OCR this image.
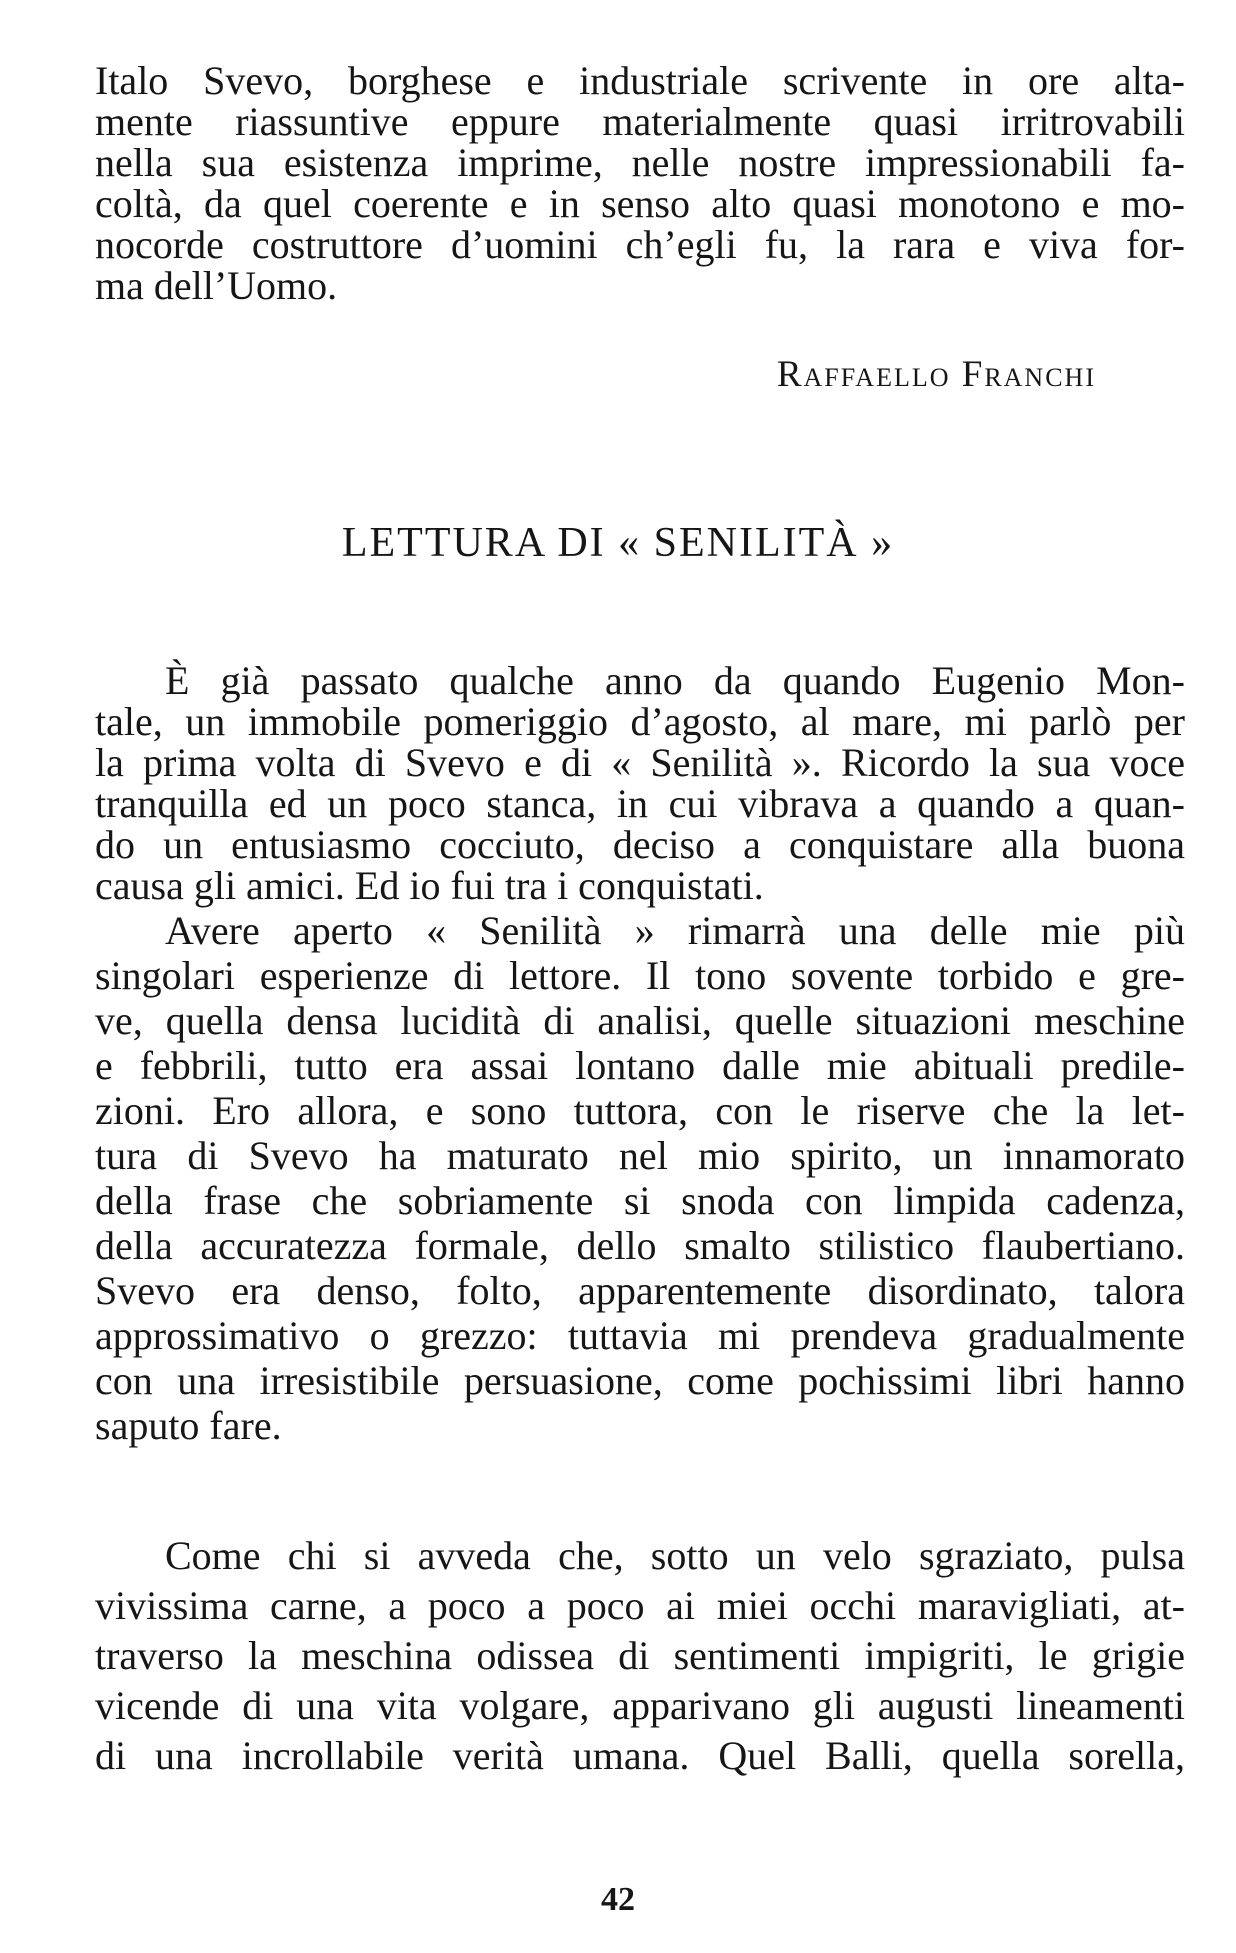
Italo Svevo, borghese e industriale scrivente in ore alta-
mente riassuntive eppure materialmente quasi irritrovabili
nella sua esistenza imprime, nelle nostre impressionabili fa-
coltà, da quel coerente e in senso alto quasi monotono e mo-
nocorde costruttore d’uomini ch’egli fu, la rara e viva for-
ma dell’Uomo.
Raffaello Franchi
LETTURA DI « SENILITÀ »
È già passato qualche anno da quando Eugenio Mon-
tale, un immobile pomeriggio d’agosto, al mare, mi parlò per
la prima volta di Svevo e di « Senilità ». Ricordo la sua voce
tranquilla ed un poco stanca, in cui vibrava a quando a quan-
do un entusiasmo cocciuto, deciso a conquistare alla buona
causa gli amici. Ed io fui tra i conquistati.
Avere aperto « Senilità » rimarrà una delle mie più
singolari esperienze di lettore. Il tono sovente torbido e gre-
ve, quella densa lucidità di analisi, quelle situazioni meschine
e febbrili, tutto era assai lontano dalle mie abituali predile-
zioni. Ero allora, e sono tuttora, con le riserve che la let-
tura di Svevo ha maturato nel mio spirito, un innamorato
della frase che sobriamente si snoda con limpida cadenza,
della accuratezza formale, dello smalto stilistico flaubertiano.
Svevo era denso, folto, apparentemente disordinato, talora
approssimativo o grezzo: tuttavia mi prendeva gradualmente
con una irresistibile persuasione, come pochissimi libri hanno
saputo fare.
Come chi si avveda che, sotto un velo sgraziato, pulsa
vivissima carne, a poco a poco ai miei occhi maravigliati, at-
traverso la meschina odissea di sentimenti impigriti, le grigie
vicende di una vita volgare, apparivano gli augusti lineamenti
di una incrollabile verità umana. Quel Balli, quella sorella,
42
